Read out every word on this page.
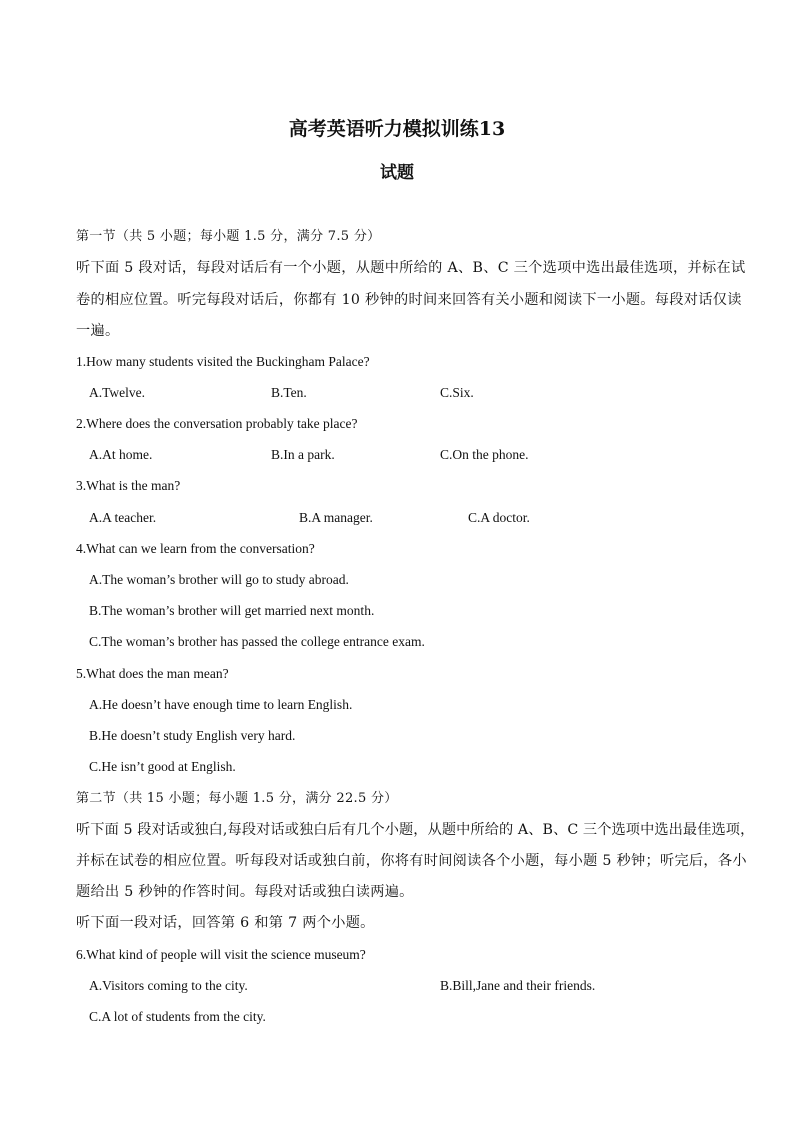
高考英语听力模拟训练13
试题
第一节（共 5 小题；每小题 1.5 分，满分 7.5 分）
听下面 5 段对话，每段对话后有一个小题，从题中所给的 A、B、C 三个选项中选出最佳选项，并标在试
卷的相应位置。听完每段对话后，你都有 10 秒钟的时间来回答有关小题和阅读下一小题。每段对话仅读
一遍。
1.How many students visited the Buckingham Palace?
A.Twelve.	B.Ten.	C.Six.
2.Where does the conversation probably take place?
A.At home.	B.In a park.	C.On the phone.
3.What is the man?
A.A teacher.	B.A manager.	C.A doctor.
4.What can we learn from the conversation?
A.The woman’s brother will go to study abroad.
B.The woman’s brother will get married next month.
C.The woman’s brother has passed the college entrance exam.
5.What does the man mean?
A.He doesn’t have enough time to learn English.
B.He doesn’t study English very hard.
C.He isn’t good at English.
第二节（共 15 小题；每小题 1.5 分，满分 22.5 分）
听下面 5 段对话或独白,每段对话或独白后有几个小题，从题中所给的 A、B、C 三个选项中选出最佳选项，
并标在试卷的相应位置。听每段对话或独白前，你将有时间阅读各个小题，每小题 5 秒钟；听完后，各小
题给出 5 秒钟的作答时间。每段对话或独白读两遍。
听下面一段对话，回答第 6 和第 7 两个小题。
6.What kind of people will visit the science museum?
A.Visitors coming to the city.	B.Bill,Jane and their friends.
C.A lot of students from the city.
